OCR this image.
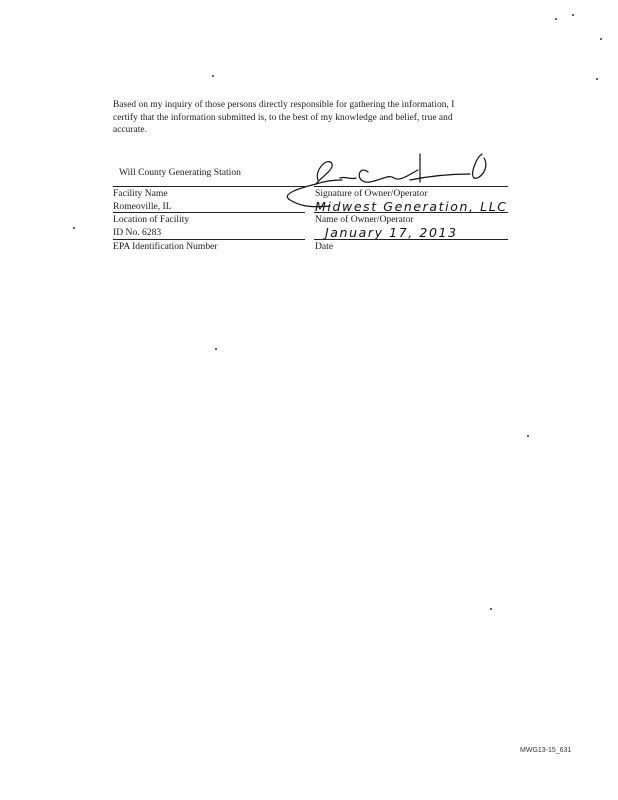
Based on my inquiry of those persons directly responsible for gathering the information, I
certify that the information submitted is, to the best of my knowledge and belief, true and
accurate.
Will County Generating Station
Facility Name
Romeoville, IL
Location of Facility
ID No. 6283
EPA Identification Number
Signature of Owner/Operator
Midwest Generation, LLC
Name of Owner/Operator
January 17, 2013
Date
MWG13-15_631
